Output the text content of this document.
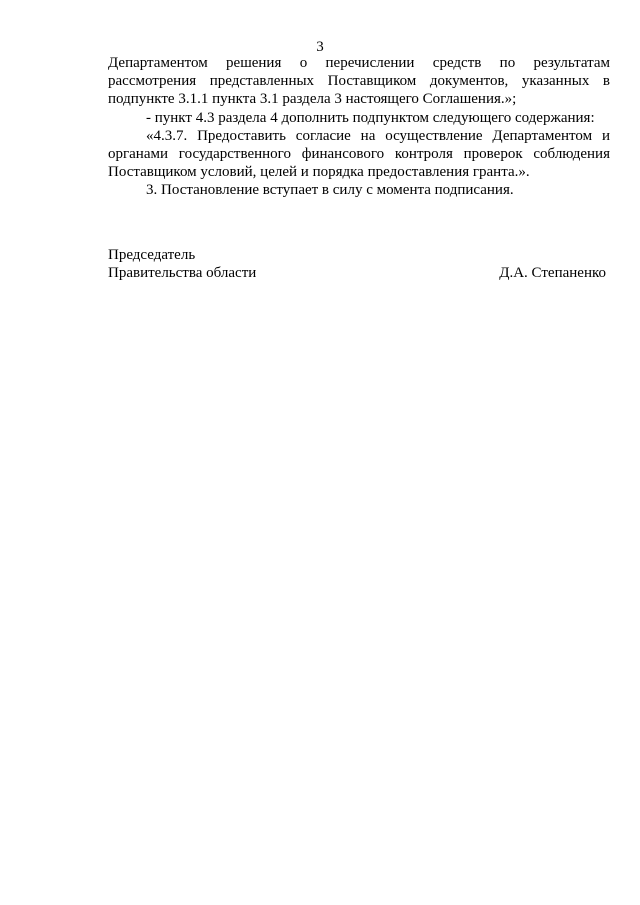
3

Департаментом решения о перечислении средств по результатам рассмотрения представленных Поставщиком документов, указанных в подпункте 3.1.1 пункта 3.1 раздела 3 настоящего Соглашения.»;

- пункт 4.3 раздела 4 дополнить подпунктом следующего содержания:

«4.3.7. Предоставить согласие на осуществление Департаментом и органами государственного финансового контроля проверок соблюдения Поставщиком условий, целей и порядка предоставления гранта.».

3. Постановление вступает в силу с момента подписания.

Председатель

Правительства области	Д.А. Степаненко
